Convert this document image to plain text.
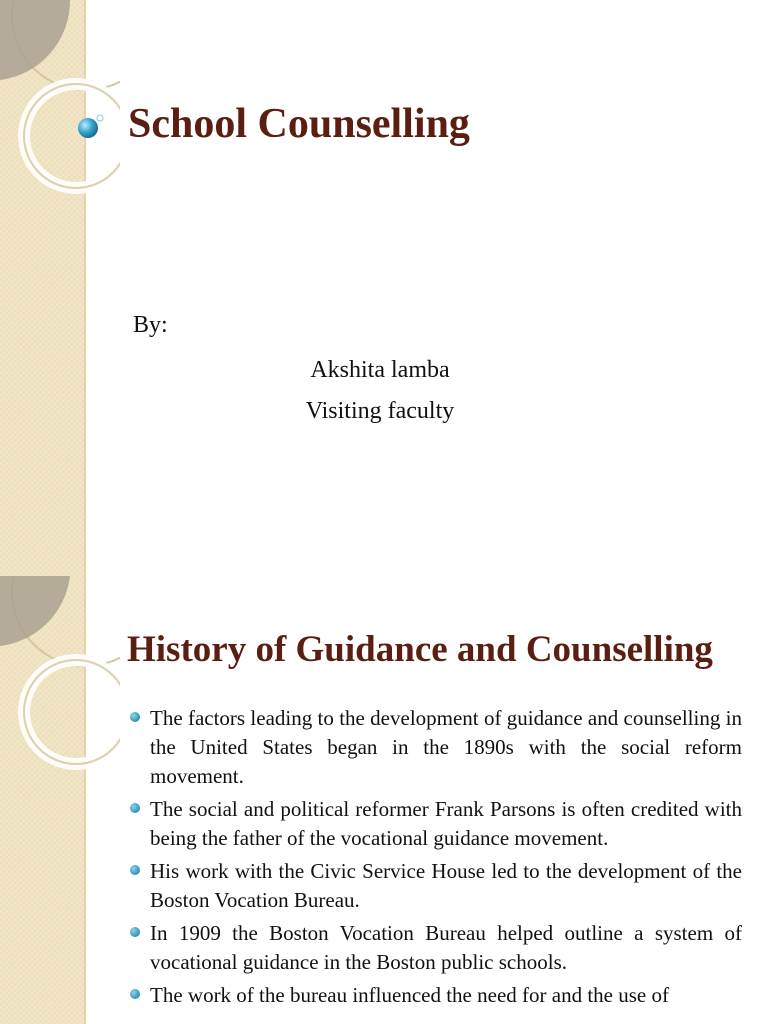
School Counselling
By:
Akshita lamba
Visiting faculty
History of Guidance and Counselling
The factors leading to the development of guidance and counselling in the United States began in the 1890s with the social reform movement.
The social and political reformer Frank Parsons is often credited with being the father of the vocational guidance movement.
His work with the Civic Service House led to the development of the Boston Vocation Bureau.
In 1909 the Boston Vocation Bureau helped outline a system of vocational guidance in the Boston public schools.
The work of the bureau influenced the need for and the use of
